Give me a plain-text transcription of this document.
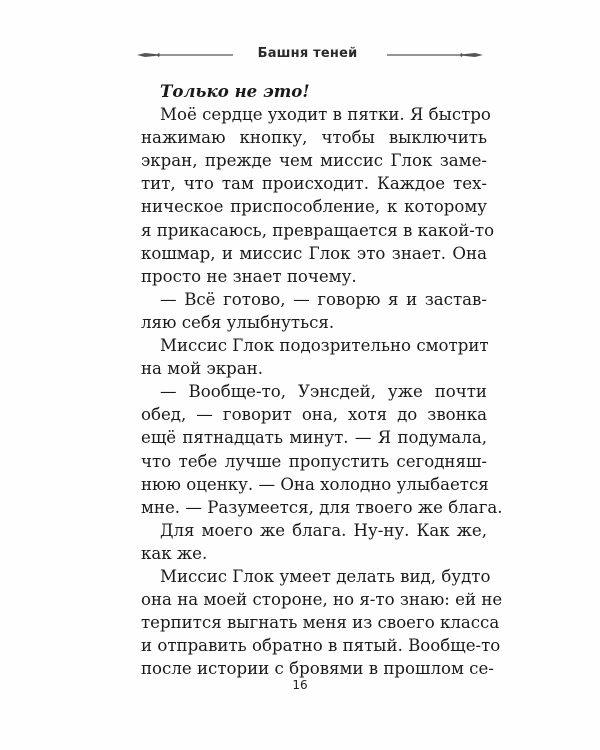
Башня теней
Только не это!
Моё сердце уходит в пятки. Я быстро
нажимаю кнопку, чтобы выключить
экран, прежде чем миссис Глок заме-
тит, что там происходит. Каждое тех-
ническое приспособление, к которому
я прикасаюсь, превращается в какой-то
кошмар, и миссис Глок это знает. Она
просто не знает почему.
— Всё готово, — говорю я и застав-
ляю себя улыбнуться.
Миссис Глок подозрительно смотрит
на мой экран.
— Вообще-то, Уэнсдей, уже почти
обед, — говорит она, хотя до звонка
ещё пятнадцать минут. — Я подумала,
что тебе лучше пропустить сегодняш-
нюю оценку. — Она холодно улыбается
мне. — Разумеется, для твоего же блага.
Для моего же блага. Ну-ну. Как же,
как же.
Миссис Глок умеет делать вид, будто
она на моей стороне, но я-то знаю: ей не
терпится выгнать меня из своего класса
и отправить обратно в пятый. Вообще-то
после истории с бровями в прошлом се-
16
